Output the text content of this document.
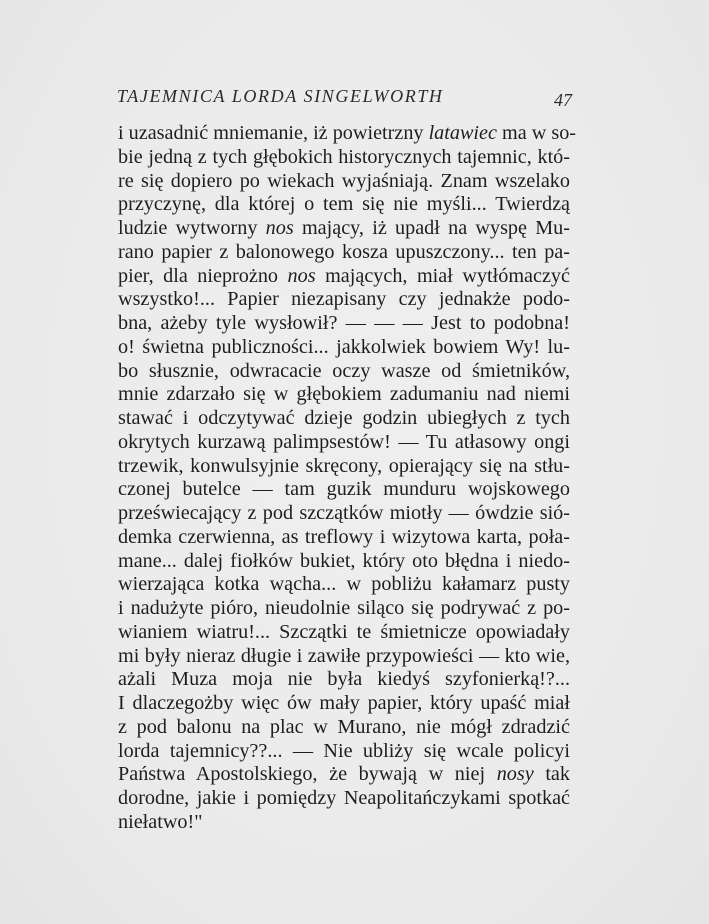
TAJEMNICA LORDA SINGELWORTH	47
i uzasadnić mniemanie, iż powietrzny latawiec ma w so-
bie jedną z tych głębokich historycznych tajemnic, któ-
re się dopiero po wiekach wyjaśniają. Znam wszelako
przyczynę, dla której o tem się nie myśli... Twierdzą
ludzie wytworny nos mający, iż upadł na wyspę Mu-
rano papier z balonowego kosza upuszczony... ten pa-
pier, dla nieprożno nos mających, miał wytłómaczyć
wszystko!... Papier niezapisany czy jednakże podo-
bna, ażeby tyle wysłowił? — — — Jest to podobna!
o! świetna publiczności... jakkolwiek bowiem Wy! lu-
bo słusznie, odwracacie oczy wasze od śmietników,
mnie zdarzało się w głębokiem zadumaniu nad niemi
stawać i odczytywać dzieje godzin ubiegłych z tych
okrytych kurzawą palimpsestów! — Tu atłasowy ongi
trzewik, konwulsyjnie skręcony, opierający się na stłu-
czonej butelce — tam guzik munduru wojskowego
przeświecający z pod szczątków miotły — ówdzie sió-
demka czerwienna, as treflowy i wizytowa karta, poła-
mane... dalej fiołków bukiet, który oto błędna i niedo-
wierzająca kotka wącha... w pobliżu kałamarz pusty
i nadużyte pióro, nieudolnie siląco się podrywać z po-
wianiem wiatru!... Szczątki te śmietnicze opowiadały
mi były nieraz długie i zawiłe przypowieści — kto wie,
ażali Muza moja nie była kiedyś szyfonierką!?...
I dlaczegożby więc ów mały papier, który upaść miał
z pod balonu na plac w Murano, nie mógł zdradzić
lorda tajemnicy??... — Nie ubliży się wcale policyi
Państwa Apostolskiego, że bywają w niej nosy tak
dorodne, jakie i pomiędzy Neapolitańczykami spotkać
niełatwo!"
